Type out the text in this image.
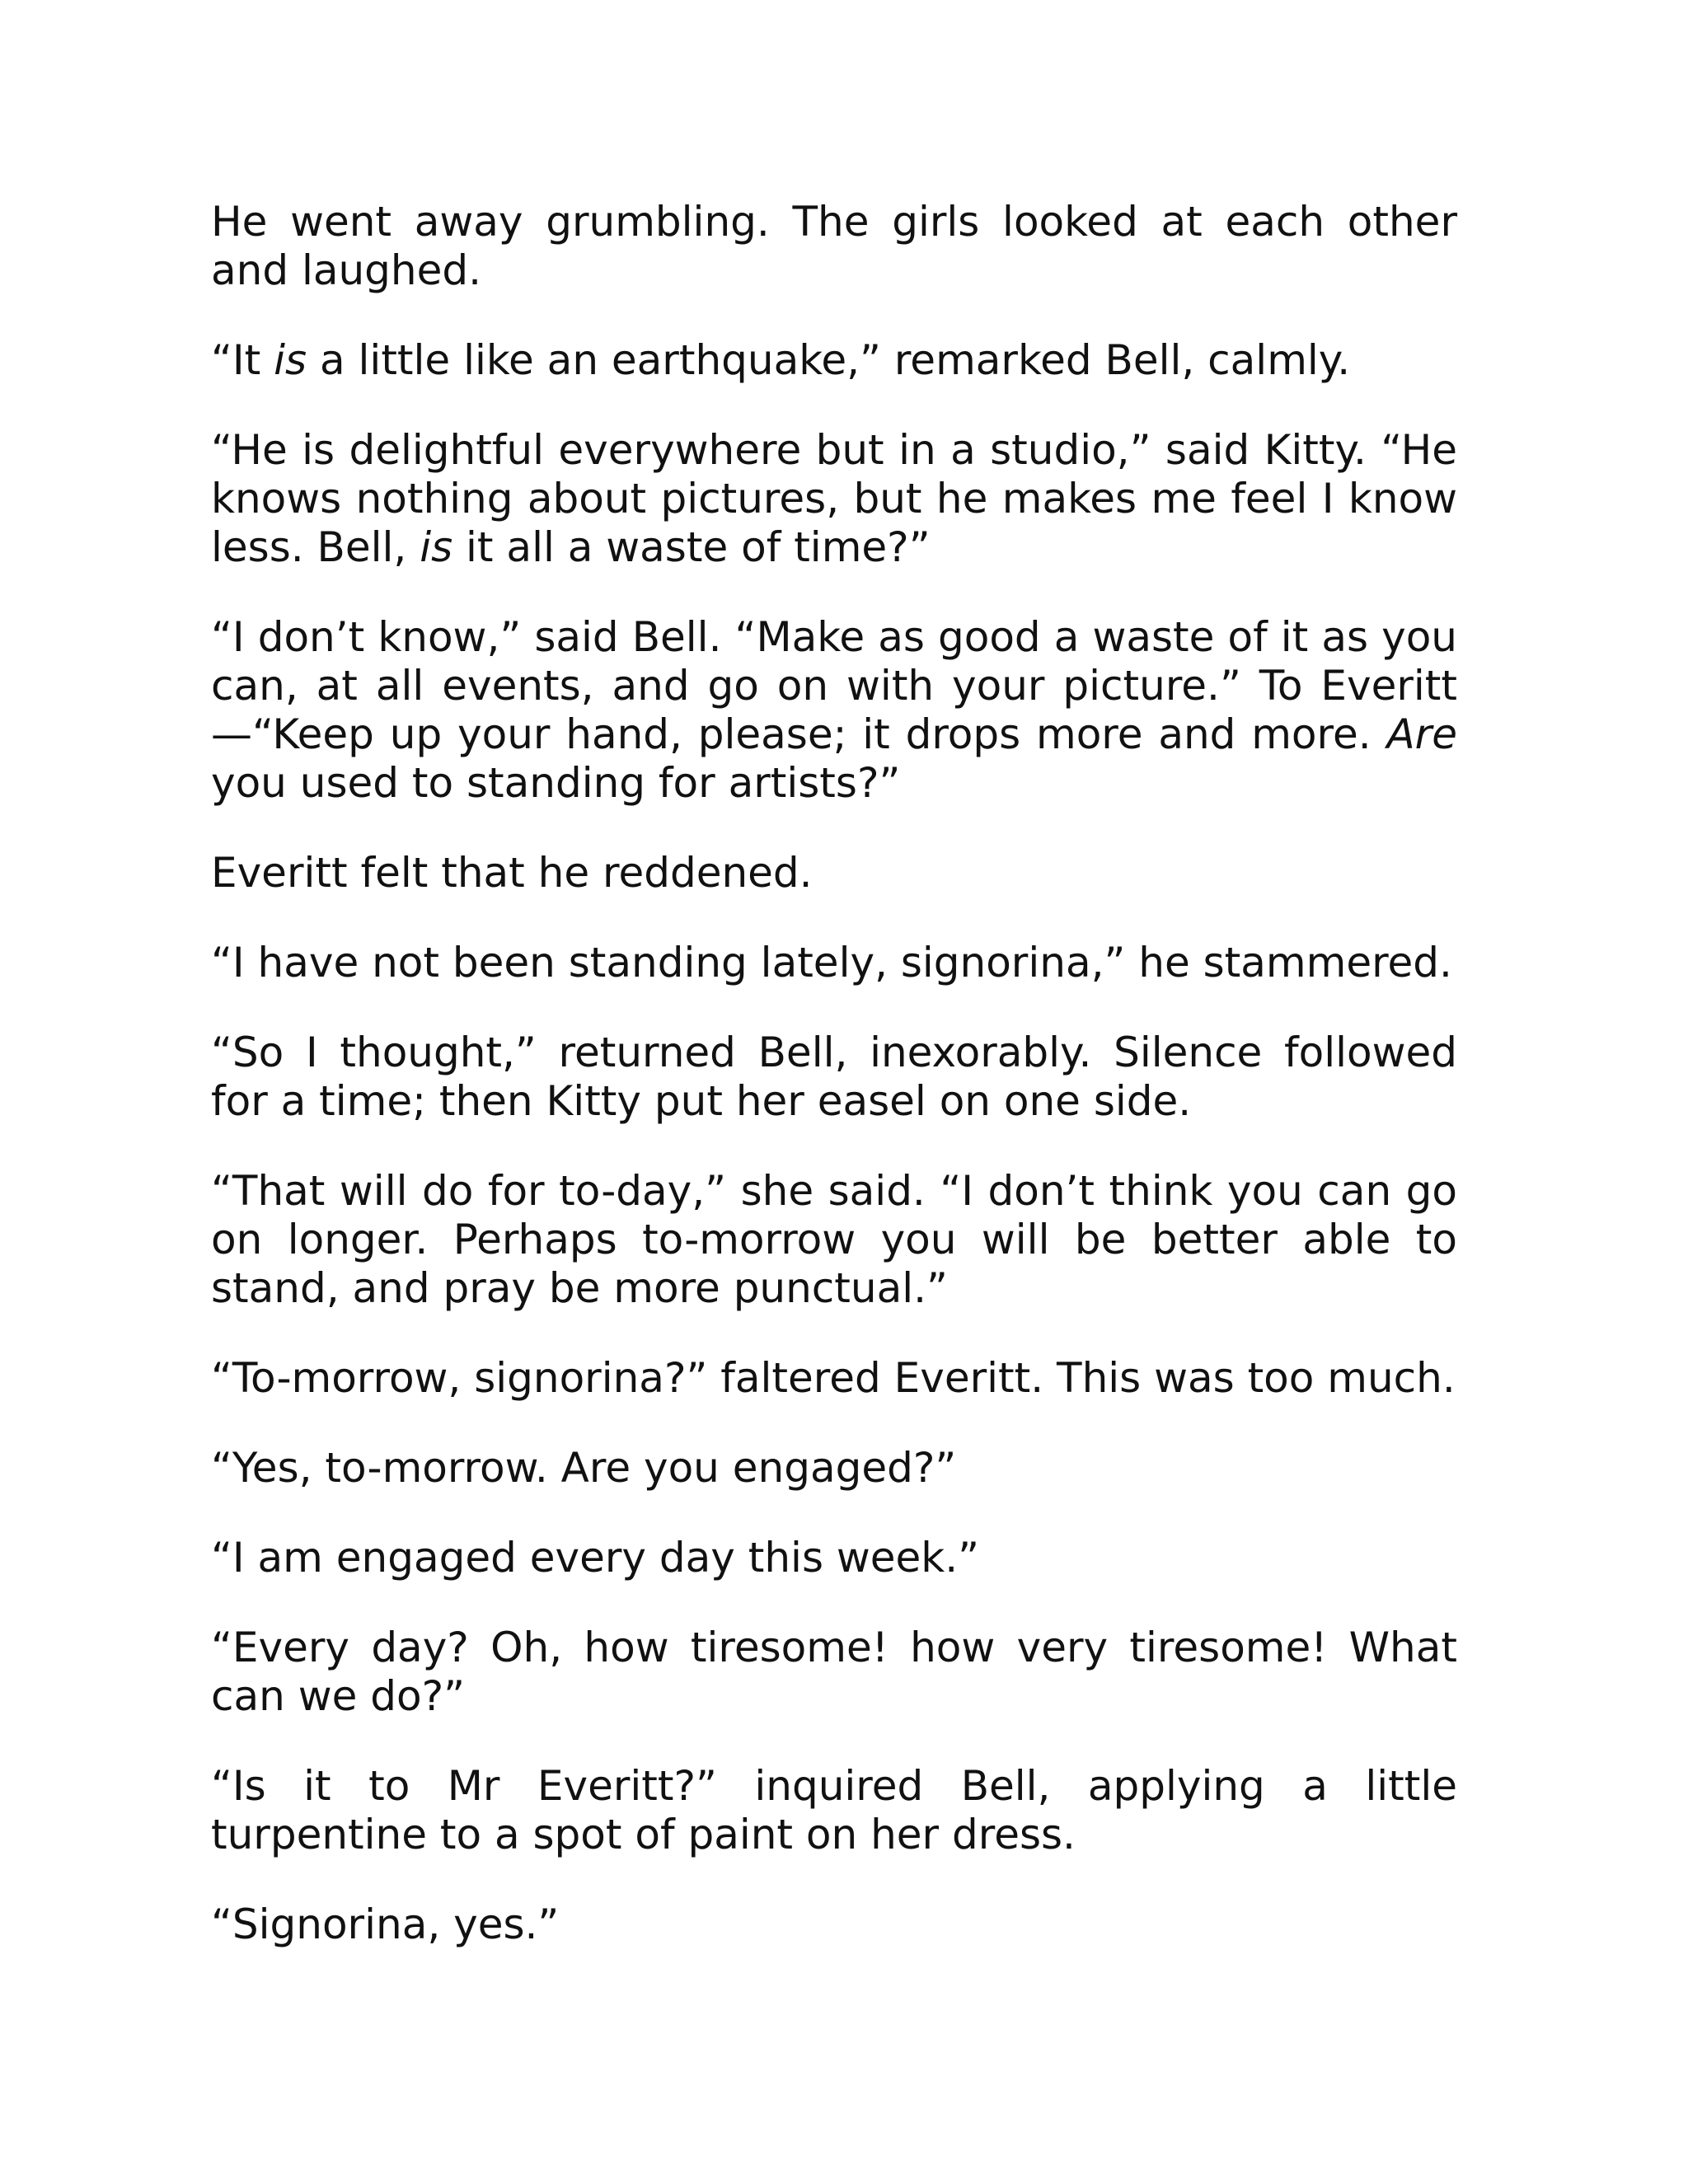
He went away grumbling. The girls looked at each other and laughed.

“It is a little like an earthquake,” remarked Bell, calmly.

“He is delightful everywhere but in a studio,” said Kitty. “He knows nothing about pictures, but he makes me feel I know less. Bell, is it all a waste of time?”

“I don’t know,” said Bell. “Make as good a waste of it as you can, at all events, and go on with your picture.” To Everitt —“Keep up your hand, please; it drops more and more. Are you used to standing for artists?”

Everitt felt that he reddened.

“I have not been standing lately, signorina,” he stammered.

“So I thought,” returned Bell, inexorably. Silence followed for a time; then Kitty put her easel on one side.

“That will do for to-day,” she said. “I don’t think you can go on longer. Perhaps to-morrow you will be better able to stand, and pray be more punctual.”

“To-morrow, signorina?” faltered Everitt. This was too much.

“Yes, to-morrow. Are you engaged?”

“I am engaged every day this week.”

“Every day? Oh, how tiresome! how very tiresome! What can we do?”

“Is it to Mr Everitt?” inquired Bell, applying a little turpentine to a spot of paint on her dress.

“Signorina, yes.”
